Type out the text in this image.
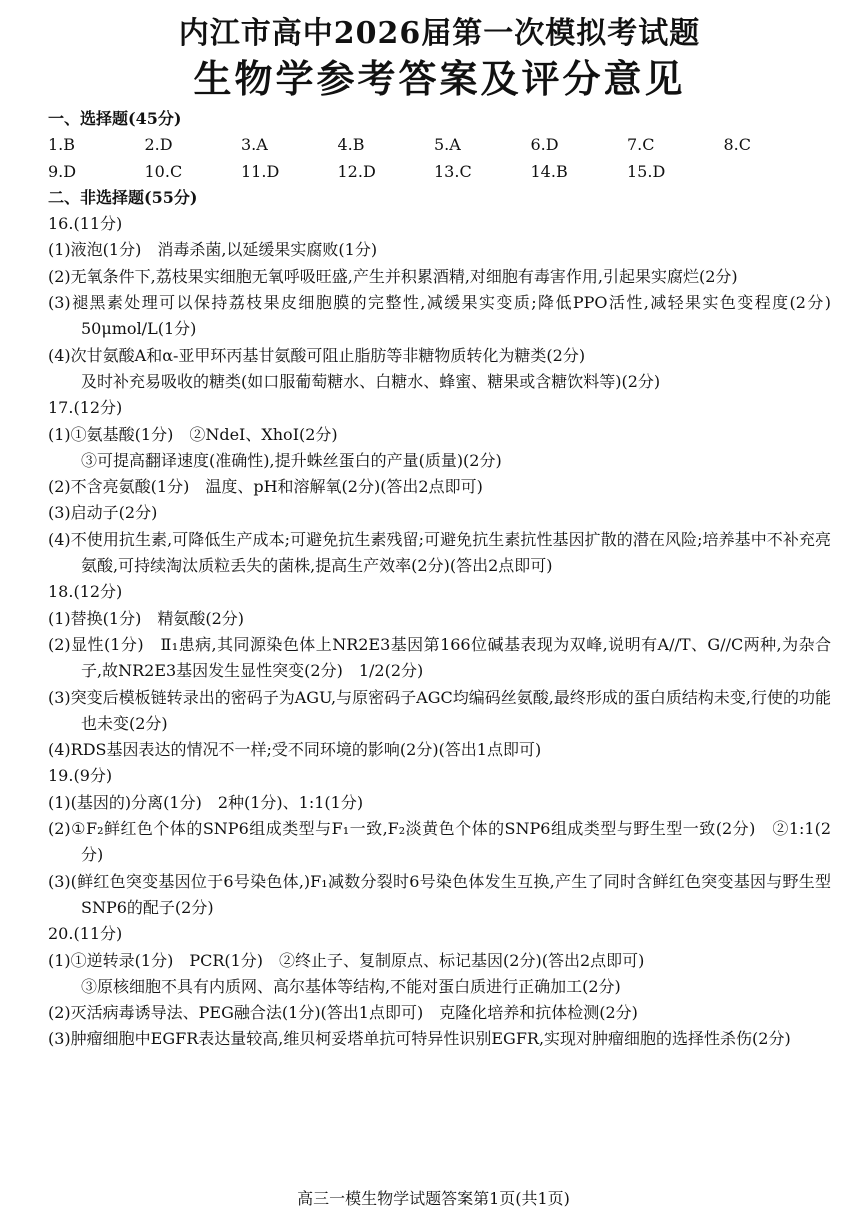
内江市高中2026届第一次模拟考试题
生物学参考答案及评分意见
一、选择题(45分)
1.B	2.D	3.A	4.B	5.A	6.D	7.C	8.C
9.D	10.C	11.D	12.D	13.C	14.B	15.D
二、非选择题(55分)
16.(11分)
(1)液泡(1分)　消毒杀菌,以延缓果实腐败(1分)
(2)无氧条件下,荔枝果实细胞无氧呼吸旺盛,产生并积累酒精,对细胞有毒害作用,引起果实腐烂(2分)
(3)褪黑素处理可以保持荔枝果皮细胞膜的完整性,减缓果实变质;降低PPO活性,减轻果实色变程度(2分)　50μmol/L(1分)
(4)次甘氨酸A和α-亚甲环丙基甘氨酸可阻止脂肪等非糖物质转化为糖类(2分)
及时补充易吸收的糖类(如口服葡萄糖水、白糖水、蜂蜜、糖果或含糖饮料等)(2分)
17.(12分)
(1)①氨基酸(1分)　②NdeⅠ、XhoⅠ(2分)
③可提高翻译速度(准确性),提升蛛丝蛋白的产量(质量)(2分)
(2)不含亮氨酸(1分)　温度、pH和溶解氧(2分)(答出2点即可)
(3)启动子(2分)
(4)不使用抗生素,可降低生产成本;可避免抗生素残留;可避免抗生素抗性基因扩散的潜在风险;培养基中不补充亮氨酸,可持续淘汰质粒丢失的菌株,提高生产效率(2分)(答出2点即可)
18.(12分)
(1)替换(1分)　精氨酸(2分)
(2)显性(1分)　Ⅱ₁患病,其同源染色体上NR2E3基因第166位碱基表现为双峰,说明有A//T、G//C两种,为杂合子,故NR2E3基因发生显性突变(2分)　1/2(2分)
(3)突变后模板链转录出的密码子为AGU,与原密码子AGC均编码丝氨酸,最终形成的蛋白质结构未变,行使的功能也未变(2分)
(4)RDS基因表达的情况不一样;受不同环境的影响(2分)(答出1点即可)
19.(9分)
(1)(基因的)分离(1分)　2种(1分)、1:1(1分)
(2)①F₂鲜红色个体的SNP6组成类型与F₁一致,F₂淡黄色个体的SNP6组成类型与野生型一致(2分)　②1:1(2分)
(3)(鲜红色突变基因位于6号染色体,)F₁减数分裂时6号染色体发生互换,产生了同时含鲜红色突变基因与野生型SNP6的配子(2分)
20.(11分)
(1)①逆转录(1分)　PCR(1分)　②终止子、复制原点、标记基因(2分)(答出2点即可)
③原核细胞不具有内质网、高尔基体等结构,不能对蛋白质进行正确加工(2分)
(2)灭活病毒诱导法、PEG融合法(1分)(答出1点即可)　克隆化培养和抗体检测(2分)
(3)肿瘤细胞中EGFR表达量较高,维贝柯妥塔单抗可特异性识别EGFR,实现对肿瘤细胞的选择性杀伤(2分)
高三一模生物学试题答案第1页(共1页)
